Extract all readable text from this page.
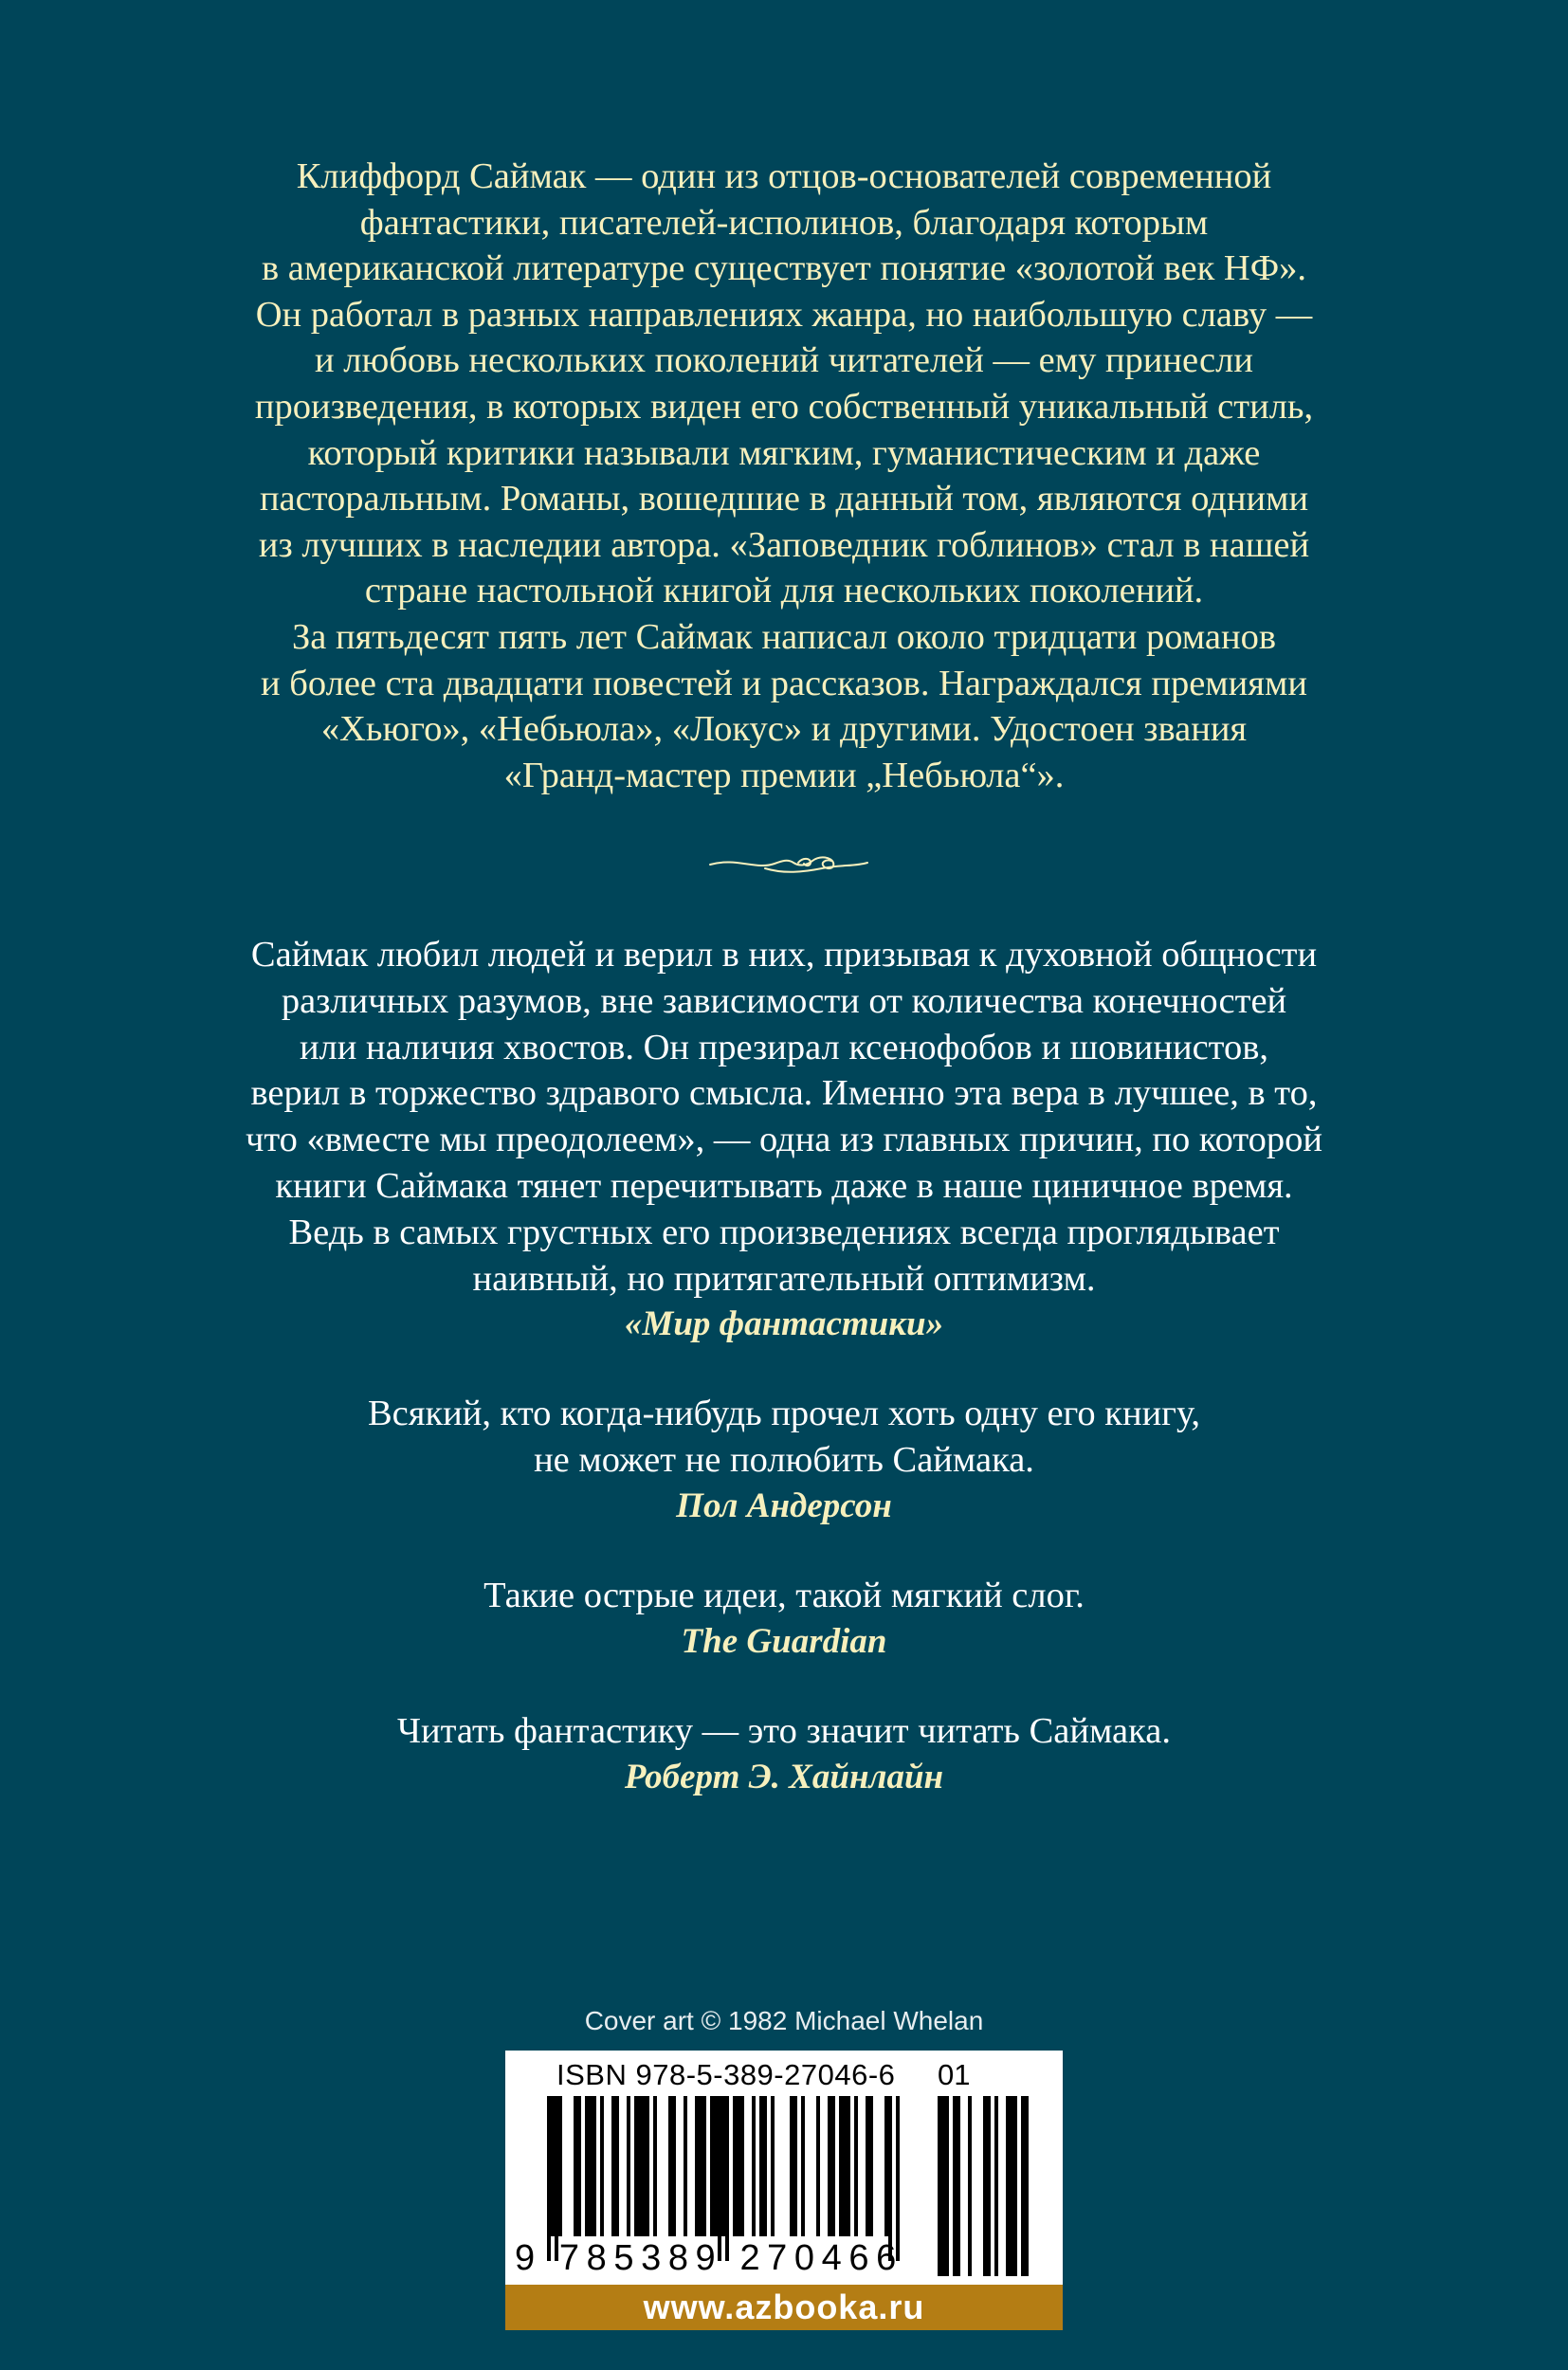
Клиффорд Саймак — один из отцов-основателей современной
фантастики, писателей-исполинов, благодаря которым
в американской литературе существует понятие «золотой век НФ».
Он работал в разных направлениях жанра, но наибольшую славу —
и любовь нескольких поколений читателей — ему принесли
произведения, в которых виден его собственный уникальный стиль,
который критики называли мягким, гуманистическим и даже
пасторальным. Романы, вошедшие в данный том, являются одними
из лучших в наследии автора. «Заповедник гоблинов» стал в нашей
стране настольной книгой для нескольких поколений.
За пятьдесят пять лет Саймак написал около тридцати романов
и более ста двадцати повестей и рассказов. Награждался премиями
«Хьюго», «Небьюла», «Локус» и другими. Удостоен звания
«Гранд-мастер премии „Небьюла“».
Саймак любил людей и верил в них, призывая к духовной общности
различных разумов, вне зависимости от количества конечностей
или наличия хвостов. Он презирал ксенофобов и шовинистов,
верил в торжество здравого смысла. Именно эта вера в лучшее, в то,
что «вместе мы преодолеем», — одна из главных причин, по которой
книги Саймака тянет перечитывать даже в наше циничное время.
Ведь в самых грустных его произведениях всегда проглядывает
наивный, но притягательный оптимизм.
«Мир фантастики»
Всякий, кто когда-нибудь прочел хоть одну его книгу,
не может не полюбить Саймака.
Пол Андерсон
Такие острые идеи, такой мягкий слог.
The Guardian
Читать фантастику — это значит читать Саймака.
Роберт Э. Хайнлайн
Cover art © 1982 Michael Whelan
ISBN 978-5-389-27046-6 01
9 785389 270466
www.azbooka.ru
